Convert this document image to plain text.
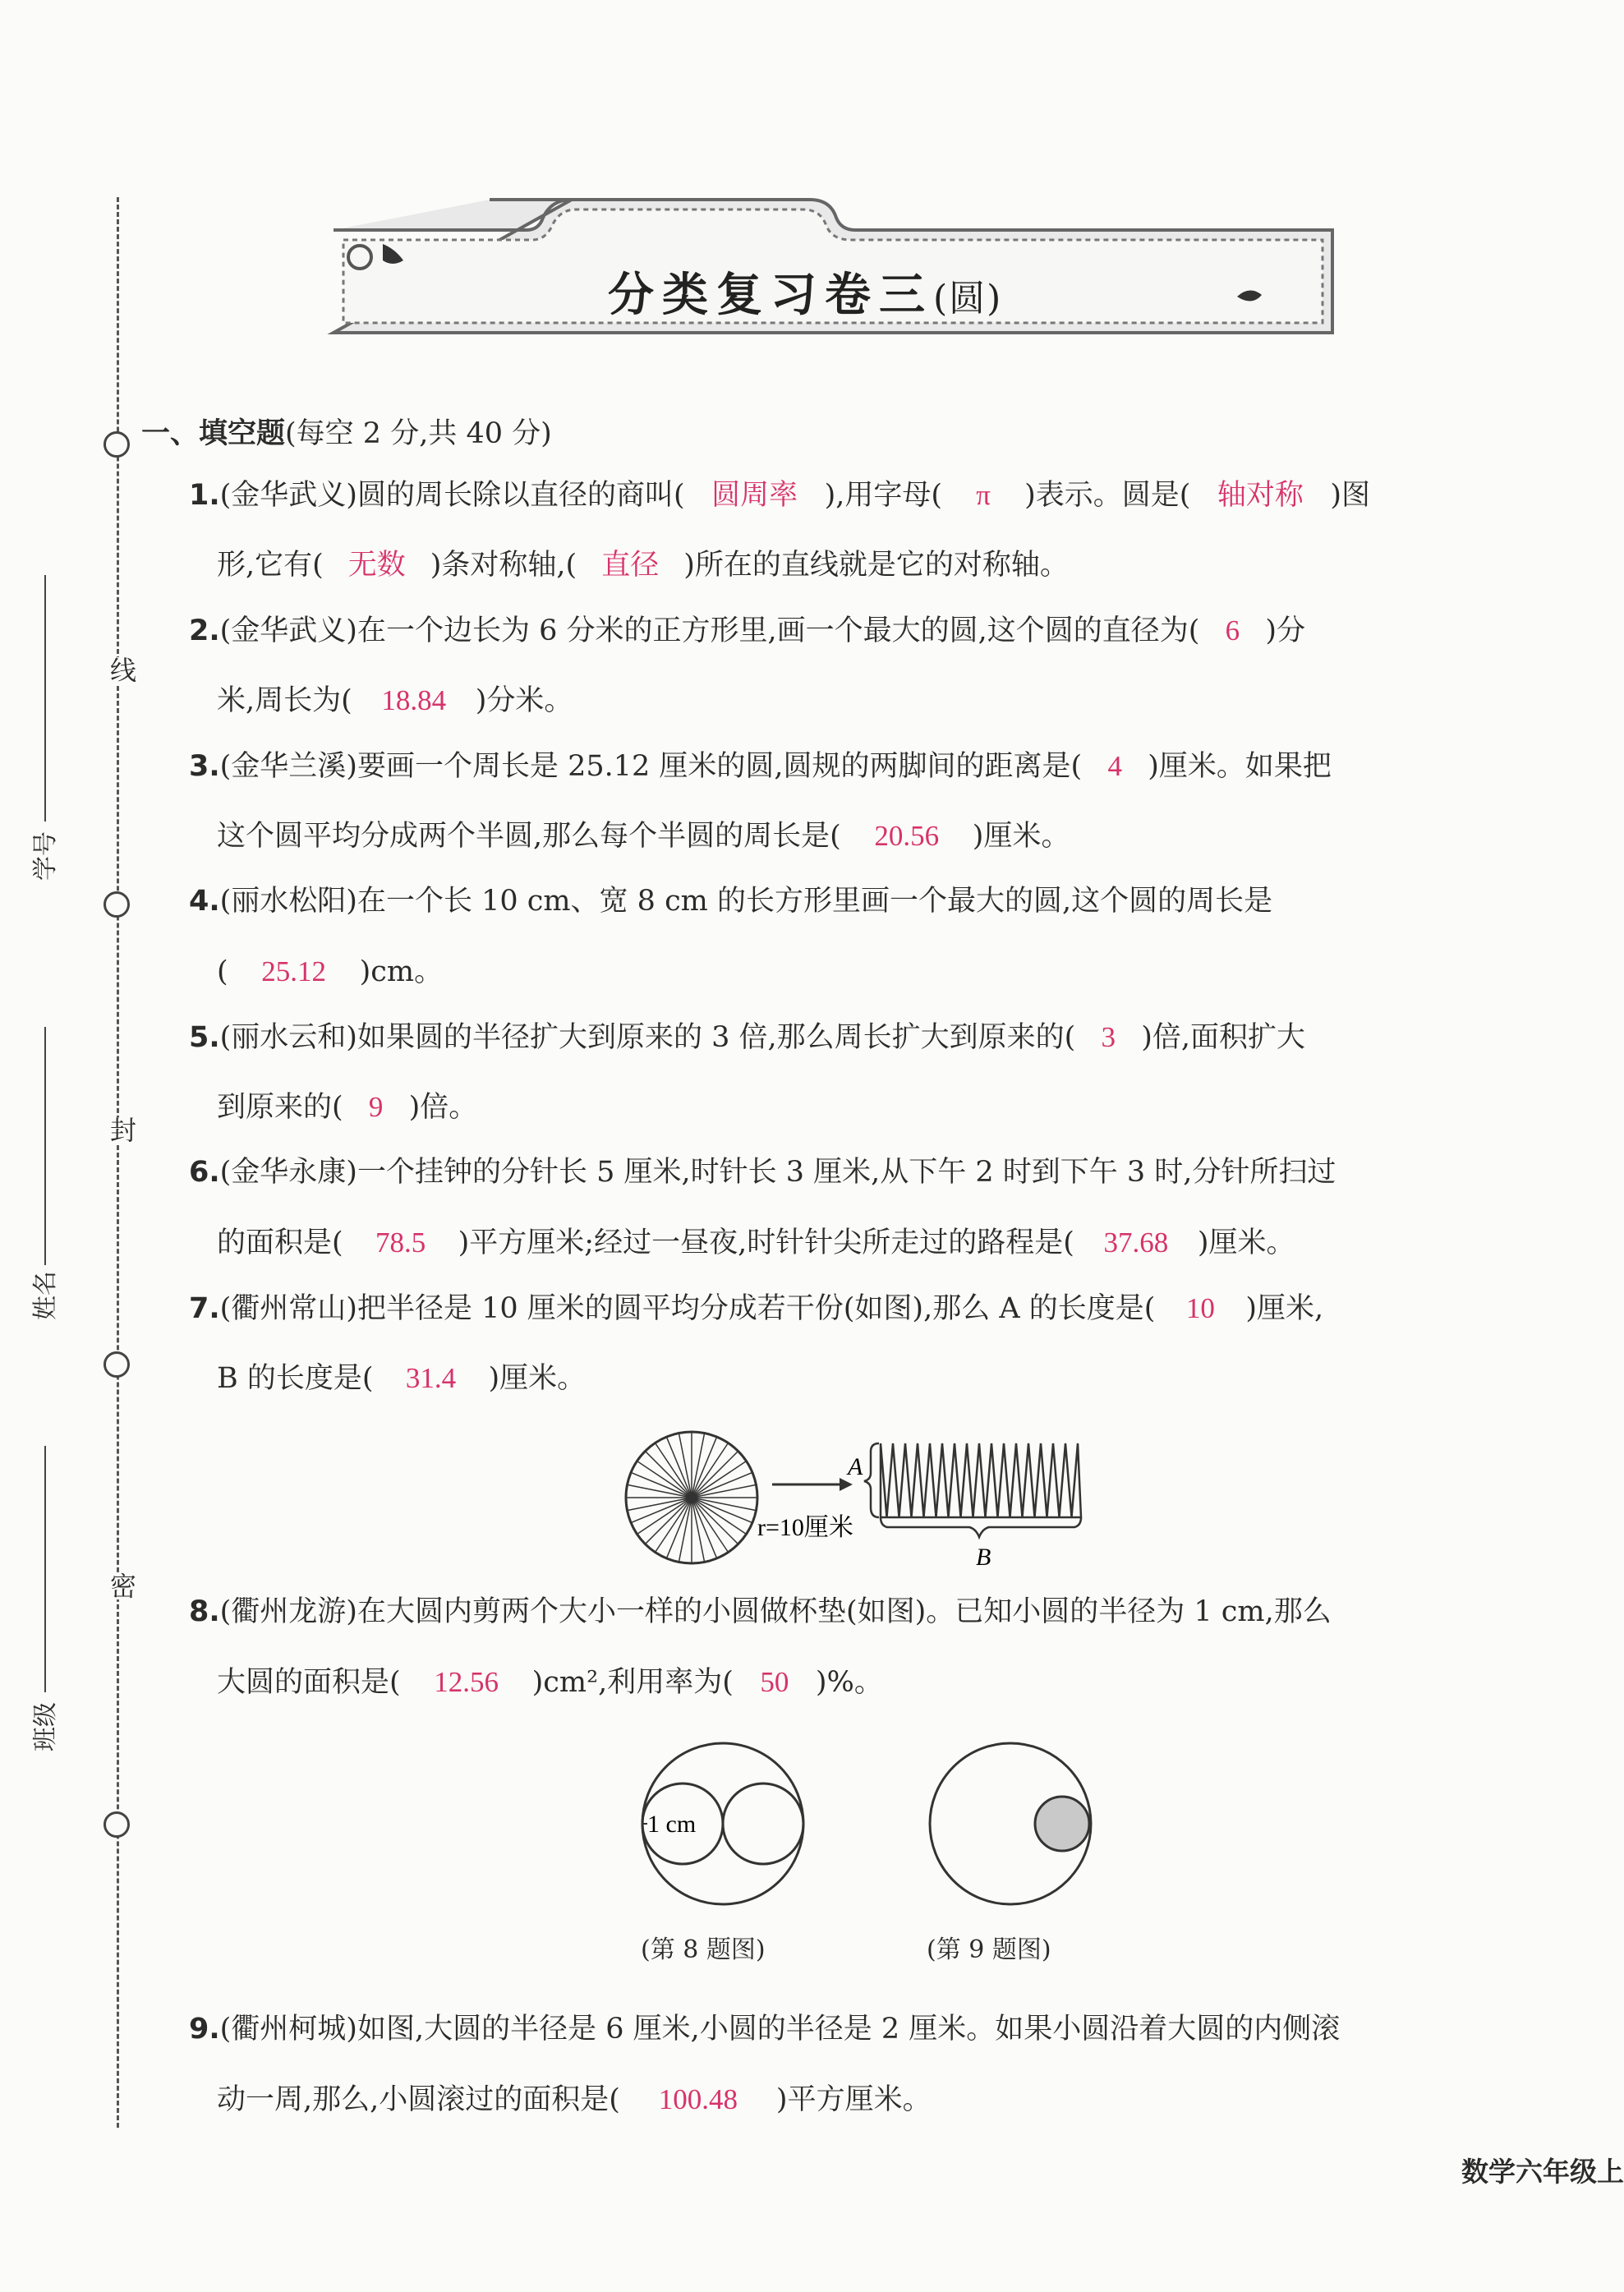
线
封
密
学号
姓名
班级
分类复习卷三(圆)
一、填空题(每空 2 分,共 40 分)
1.(金华武义)圆的周长除以直径的商叫( 圆周率 ),用字母( π )表示。圆是( 轴对称 )图
形,它有( 无数 )条对称轴,( 直径 )所在的直线就是它的对称轴。
2.(金华武义)在一个边长为 6 分米的正方形里,画一个最大的圆,这个圆的直径为( 6 )分
米,周长为( 18.84 )分米。
3.(金华兰溪)要画一个周长是 25.12 厘米的圆,圆规的两脚间的距离是( 4 )厘米。如果把
这个圆平均分成两个半圆,那么每个半圆的周长是( 20.56 )厘米。
4.(丽水松阳)在一个长 10 cm、宽 8 cm 的长方形里画一个最大的圆,这个圆的周长是
( 25.12 )cm。
5.(丽水云和)如果圆的半径扩大到原来的 3 倍,那么周长扩大到原来的( 3 )倍,面积扩大
到原来的( 9 )倍。
6.(金华永康)一个挂钟的分针长 5 厘米,时针长 3 厘米,从下午 2 时到下午 3 时,分针所扫过
的面积是( 78.5 )平方厘米;经过一昼夜,时针针尖所走过的路程是( 37.68 )厘米。
7.(衢州常山)把半径是 10 厘米的圆平均分成若干份(如图),那么 A 的长度是( 10 )厘米,
B 的长度是( 31.4 )厘米。
A
B
r=10厘米
8.(衢州龙游)在大圆内剪两个大小一样的小圆做杯垫(如图)。已知小圆的半径为 1 cm,那么
大圆的面积是( 12.56 )cm²,利用率为( 50 )%。
1 cm
(第 8 题图)	(第 9 题图)
9.(衢州柯城)如图,大圆的半径是 6 厘米,小圆的半径是 2 厘米。如果小圆沿着大圆的内侧滚
动一周,那么,小圆滚过的面积是( 100.48 )平方厘米。
数学六年级上
